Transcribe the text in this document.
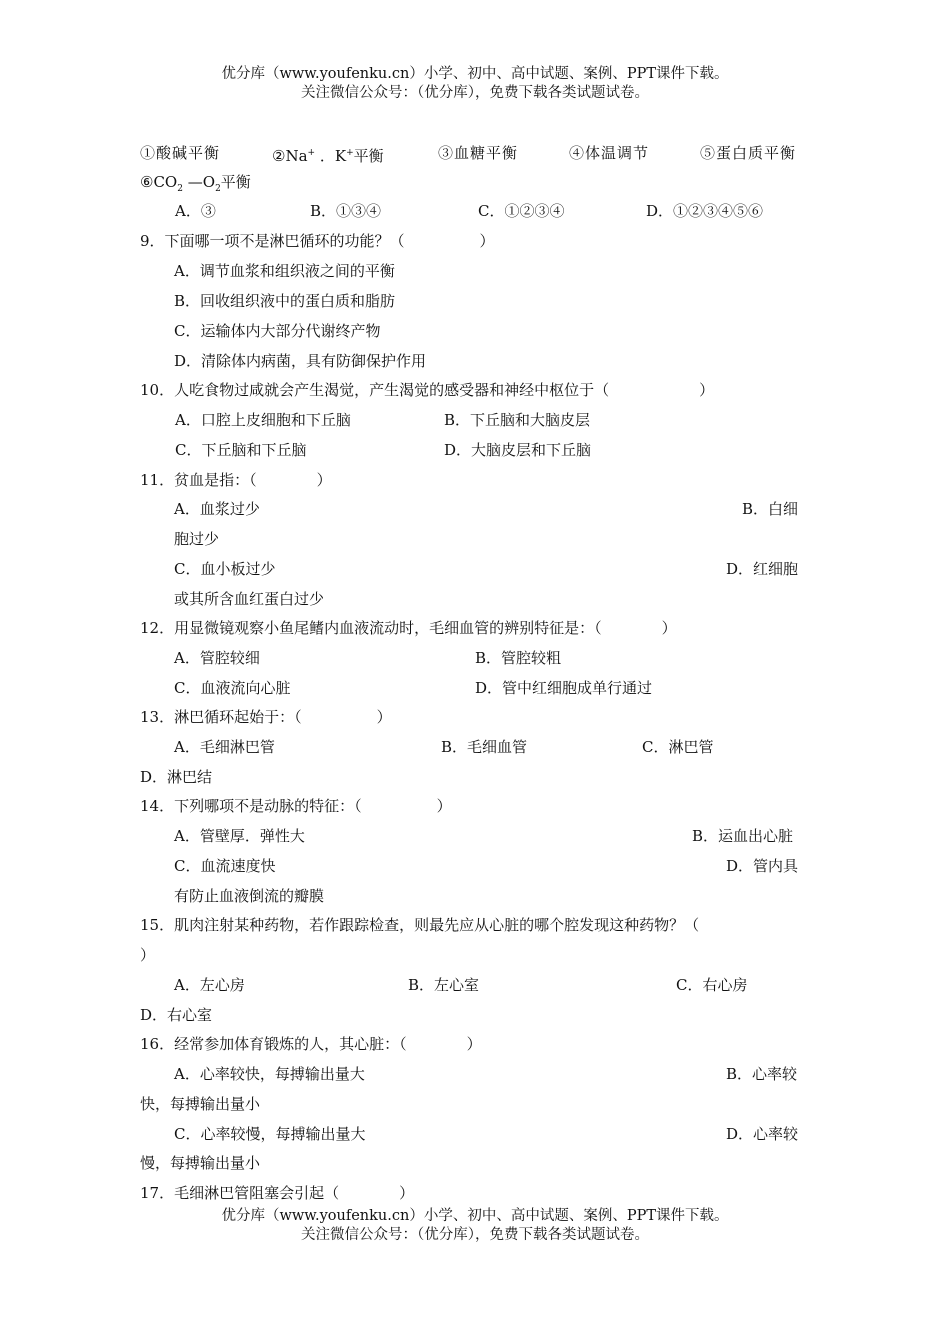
优分库（www.youfenku.cn）小学、初中、高中试题、案例、PPT课件下载。
关注微信公众号：（优分库），免费下载各类试题试卷。
①酸碱平衡	②Na+ ．K+平衡	③血糖平衡	④体温调节	⑤蛋白质平衡
$⑥CO_2$ $—O_2$平衡
A．③	B．①③④	C．①②③④	D．①②③④⑤⑥
9．下面哪一项不是淋巴循环的功能？（　　　　　）
A．调节血浆和组织液之间的平衡
B．回收组织液中的蛋白质和脂肪
C．运输体内大部分代谢终产物
D．清除体内病菌，具有防御保护作用
10．人吃食物过咸就会产生渴觉，产生渴觉的感受器和神经中枢位于（　　　　　　）
A．口腔上皮细胞和下丘脑	B．下丘脑和大脑皮层
C．下丘脑和下丘脑	D．大脑皮层和下丘脑
11．贫血是指：（　　　　）
A．血浆过少	B．白细
胞过少
C．血小板过少	D．红细胞
或其所含血红蛋白过少
12．用显微镜观察小鱼尾鳍内血液流动时，毛细血管的辨别特征是：（　　　　）
A．管腔较细	B．管腔较粗
C．血液流向心脏	D．管中红细胞成单行通过
13．淋巴循环起始于：（　　　　　）
A．毛细淋巴管	B．毛细血管	C．淋巴管
D．淋巴结
14．下列哪项不是动脉的特征：（　　　　　）
A．管壁厚．弹性大	B．运血出心脏
C．血流速度快	D．管内具
有防止血液倒流的瓣膜
15．肌肉注射某种药物，若作跟踪检查，则最先应从心脏的哪个腔发现这种药物？（
）
A．左心房	B．左心室	C．右心房
D．右心室
16．经常参加体育锻炼的人，其心脏：（　　　　）
A．心率较快，每搏输出量大	B．心率较
快，每搏输出量小
C．心率较慢，每搏输出量大	D．心率较
慢，每搏输出量小
17．毛细淋巴管阻塞会引起（　　　　）
优分库（www.youfenku.cn）小学、初中、高中试题、案例、PPT课件下载。
关注微信公众号：（优分库），免费下载各类试题试卷。
